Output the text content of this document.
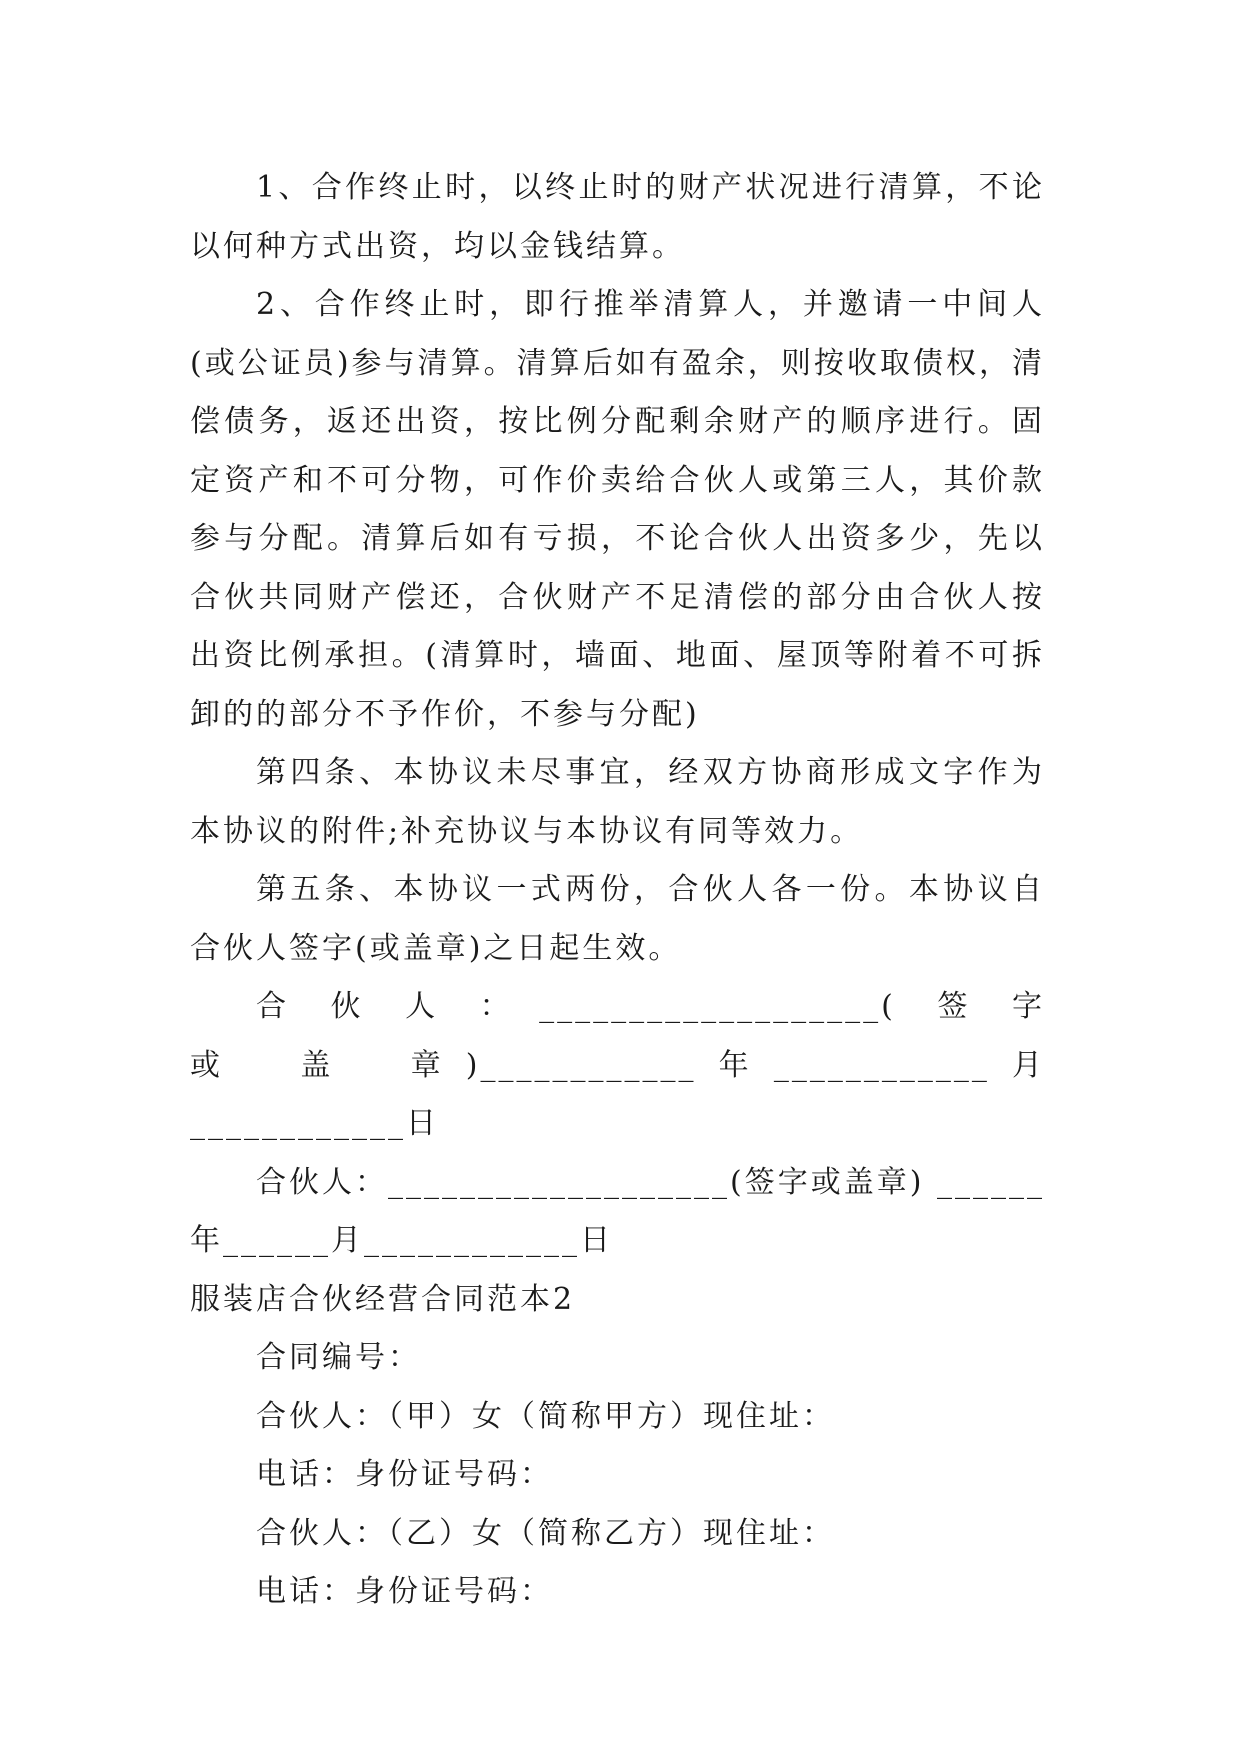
1、合作终止时，以终止时的财产状况进行清算，不论以何种方式出资，均以金钱结算。

2、合作终止时，即行推举清算人，并邀请一中间人(或公证员)参与清算。清算后如有盈余，则按收取债权，清偿债务，返还出资，按比例分配剩余财产的顺序进行。固定资产和不可分物，可作价卖给合伙人或第三人，其价款参与分配。清算后如有亏损，不论合伙人出资多少，先以合伙共同财产偿还，合伙财产不足清偿的部分由合伙人按出资比例承担。(清算时，墙面、地面、屋顶等附着不可拆卸的的部分不予作价，不参与分配)

第四条、本协议未尽事宜，经双方协商形成文字作为本协议的附件;补充协议与本协议有同等效力。

第五条、本协议一式两份，合伙人各一份。本协议自合伙人签字(或盖章)之日起生效。

合　伙　人　：　___________________(　签　字　或　盖　章)____________年____________月____________日

合伙人：___________________(签字或盖章) ______年______月____________日

服装店合伙经营合同范本2

合同编号：

合伙人：（甲）女（简称甲方）现住址：

电话：身份证号码：

合伙人：（乙）女（简称乙方）现住址：

电话：身份证号码：
